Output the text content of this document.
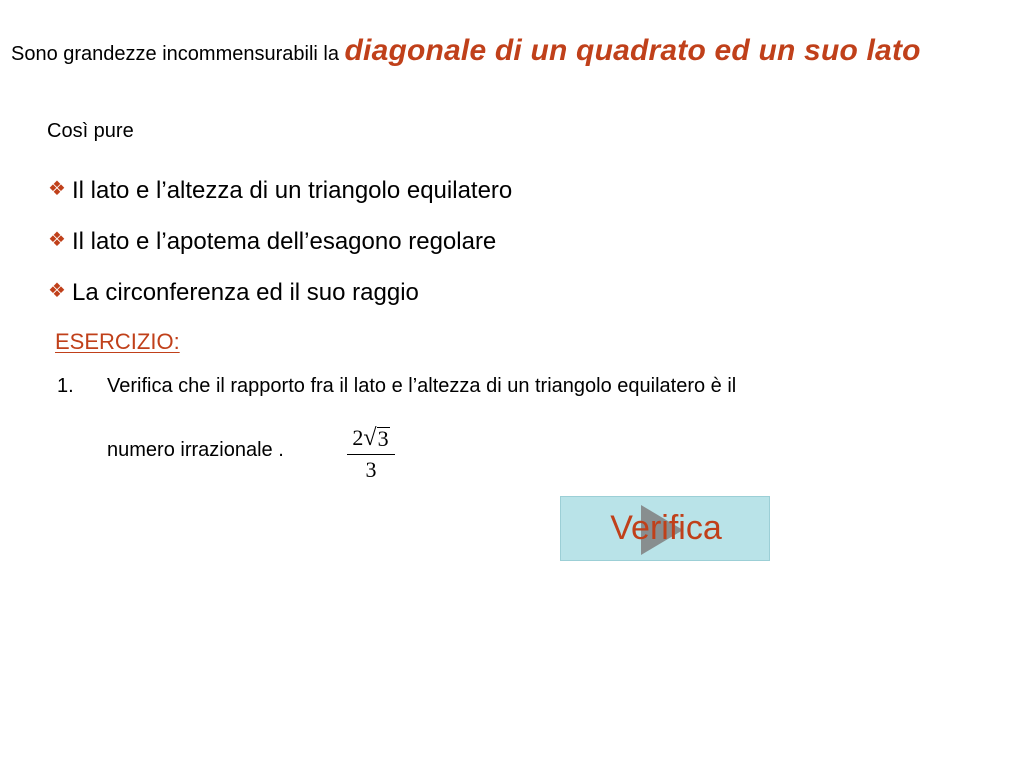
Sono grandezze incommensurabili la diagonale di un quadrato ed un suo lato
Così pure
❖ Il lato e l’altezza di un triangolo equilatero
❖ Il lato e l’apotema dell’esagono regolare
❖ La circonferenza ed il suo raggio
ESERCIZIO:
1. Verifica che il rapporto fra il lato e l’altezza di un triangolo equilatero è il
numero irrazionale .	2√3
3
Verifica
